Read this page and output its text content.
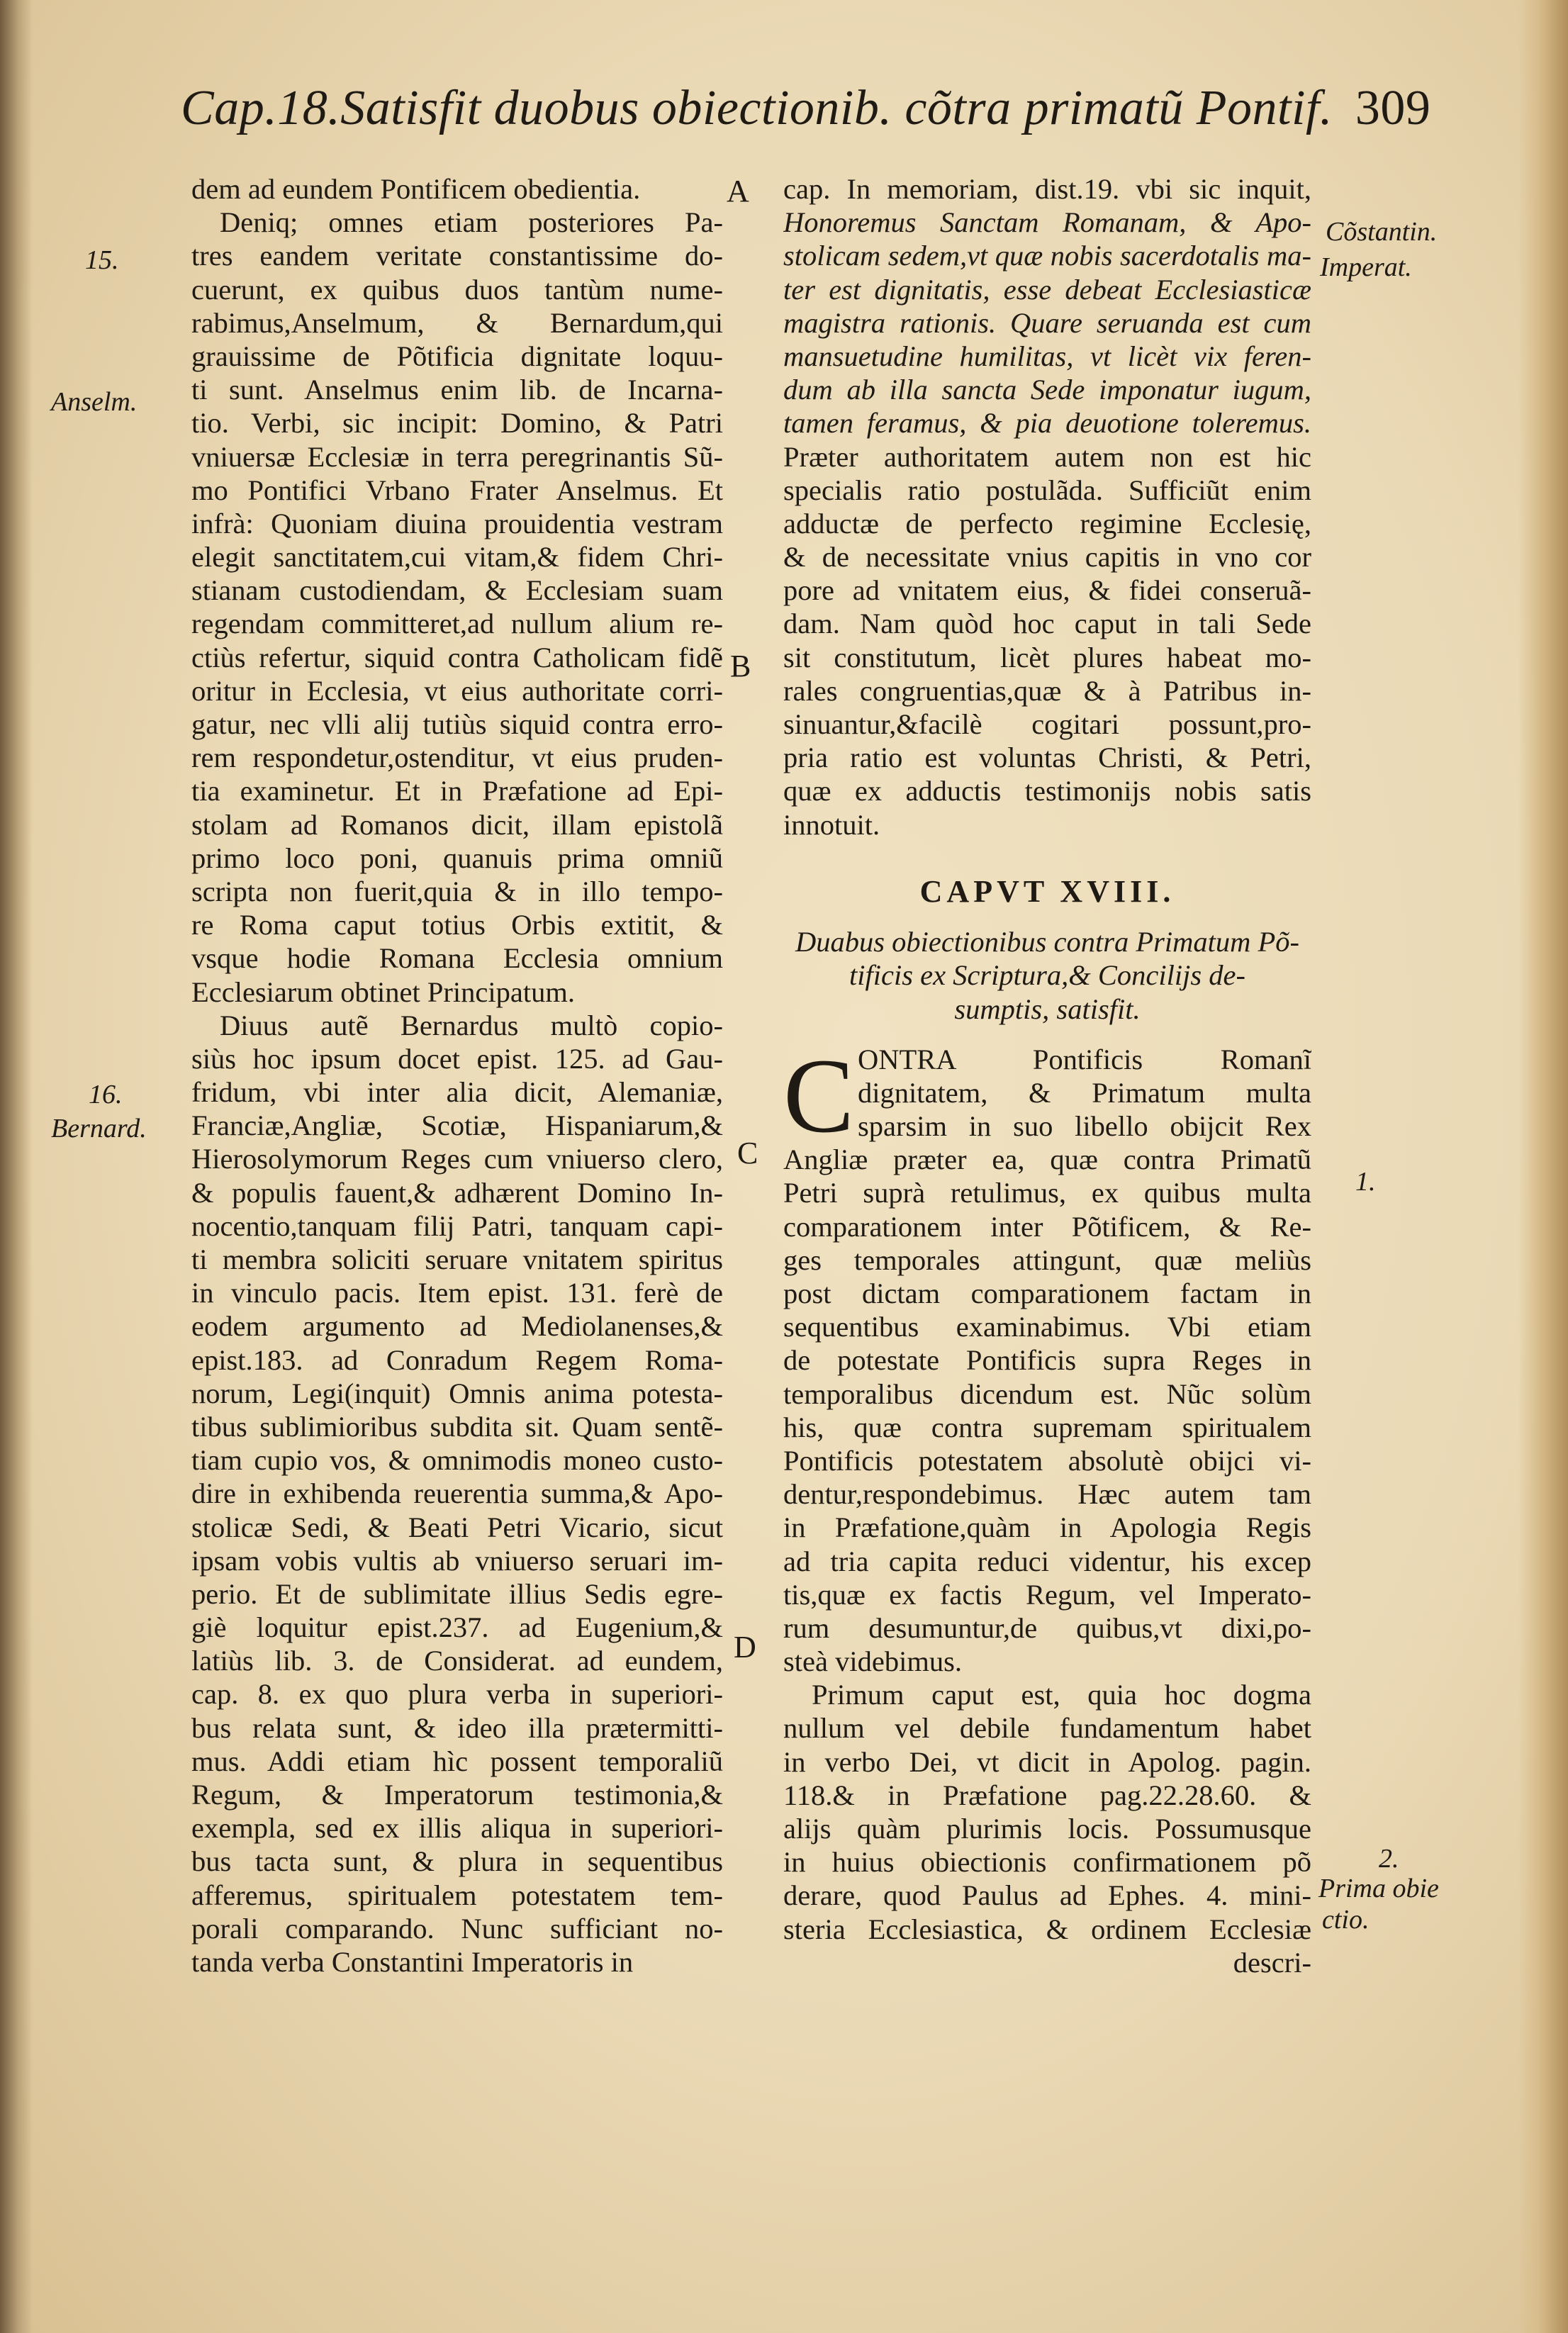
Cap.18.Satisfit duobus obiectionib. cõtra primatũ Pontif. 309
A
B
C
D
15.
Anselm.
16.
Bernard.
Cõstantin.
Imperat.
1.
2.
Prima obie
ctio.
dem ad eundem Pontificem obedientia.
Deniq; omnes etiam posteriores Pa-
tres eandem veritate constantissime do-
cuerunt, ex quibus duos tantùm nume-
rabimus,Anselmum, & Bernardum,qui
grauissime de Põtificia dignitate loquu-
ti sunt. Anselmus enim lib. de Incarna-
tio. Verbi, sic incipit: Domino, & Patri
vniuersæ Ecclesiæ in terra peregrinantis Sũ-
mo Pontifici Vrbano Frater Anselmus. Et
infrà: Quoniam diuina prouidentia vestram
elegit sanctitatem,cui vitam,& fidem Chri-
stianam custodiendam, & Ecclesiam suam
regendam committeret,ad nullum alium re-
ctiùs refertur, siquid contra Catholicam fidẽ
oritur in Ecclesia, vt eius authoritate corri-
gatur, nec vlli alij tutiùs siquid contra erro-
rem respondetur,ostenditur, vt eius pruden-
tia examinetur. Et in Præfatione ad Epi-
stolam ad Romanos dicit, illam epistolã
primo loco poni, quanuis prima omniũ
scripta non fuerit,quia & in illo tempo-
re Roma caput totius Orbis extitit, &
vsque hodie Romana Ecclesia omnium
Ecclesiarum obtinet Principatum.
Diuus autẽ Bernardus multò copio-
siùs hoc ipsum docet epist. 125. ad Gau-
fridum, vbi inter alia dicit, Alemaniæ,
Franciæ,Angliæ, Scotiæ, Hispaniarum,&
Hierosolymorum Reges cum vniuerso clero,
& populis fauent,& adhærent Domino In-
nocentio,tanquam filij Patri, tanquam capi-
ti membra soliciti seruare vnitatem spiritus
in vinculo pacis. Item epist. 131. ferè de
eodem argumento ad Mediolanenses,&
epist.183. ad Conradum Regem Roma-
norum, Legi(inquit) Omnis anima potesta-
tibus sublimioribus subdita sit. Quam sentẽ-
tiam cupio vos, & omnimodis moneo custo-
dire in exhibenda reuerentia summa,& Apo-
stolicæ Sedi, & Beati Petri Vicario, sicut
ipsam vobis vultis ab vniuerso seruari im-
perio. Et de sublimitate illius Sedis egre-
giè loquitur epist.237. ad Eugenium,&
latiùs lib. 3. de Considerat. ad eundem,
cap. 8. ex quo plura verba in superiori-
bus relata sunt, & ideo illa prætermitti-
mus. Addi etiam hìc possent temporaliũ
Regum, & Imperatorum testimonia,&
exempla, sed ex illis aliqua in superiori-
bus tacta sunt, & plura in sequentibus
afferemus, spiritualem potestatem tem-
porali comparando. Nunc sufficiant no-
tanda verba Constantini Imperatoris in
cap. In memoriam, dist.19. vbi sic inquit,
Honoremus Sanctam Romanam, & Apo-
stolicam sedem,vt quæ nobis sacerdotalis ma-
ter est dignitatis, esse debeat Ecclesiasticæ
magistra rationis. Quare seruanda est cum
mansuetudine humilitas, vt licèt vix feren-
dum ab illa sancta Sede imponatur iugum,
tamen feramus, & pia deuotione toleremus.
Præter authoritatem autem non est hic
specialis ratio postulãda. Sufficiũt enim
adductæ de perfecto regimine Ecclesię,
& de necessitate vnius capitis in vno cor
pore ad vnitatem eius, & fidei conseruã-
dam. Nam quòd hoc caput in tali Sede
sit constitutum, licèt plures habeat mo-
rales congruentias,quæ & à Patribus in-
sinuantur,&facilè cogitari possunt,pro-
pria ratio est voluntas Christi, & Petri,
quæ ex adductis testimonijs nobis satis
innotuit.
CAPVT XVIII.
Duabus obiectionibus contra Primatum Põ-
tificis ex Scriptura,& Concilijs de-
sumptis, satisfit.
C ONTRA Pontificis Romanĩ
dignitatem, & Primatum multa
sparsim in suo libello obijcit Rex
Angliæ præter ea, quæ contra Primatũ
Petri suprà retulimus, ex quibus multa
comparationem inter Põtificem, & Re-
ges temporales attingunt, quæ meliùs
post dictam comparationem factam in
sequentibus examinabimus. Vbi etiam
de potestate Pontificis supra Reges in
temporalibus dicendum est. Nũc solùm
his, quæ contra supremam spiritualem
Pontificis potestatem absolutè obijci vi-
dentur,respondebimus. Hæc autem tam
in Præfatione,quàm in Apologia Regis
ad tria capita reduci videntur, his excep
tis,quæ ex factis Regum, vel Imperato-
rum desumuntur,de quibus,vt dixi,po-
steà videbimus.
Primum caput est, quia hoc dogma
nullum vel debile fundamentum habet
in verbo Dei, vt dicit in Apolog. pagin.
118.& in Præfatione pag.22.28.60. &
alijs quàm plurimis locis. Possumusque
in huius obiectionis confirmationem põ
derare, quod Paulus ad Ephes. 4. mini-
steria Ecclesiastica, & ordinem Ecclesiæ
descri-
